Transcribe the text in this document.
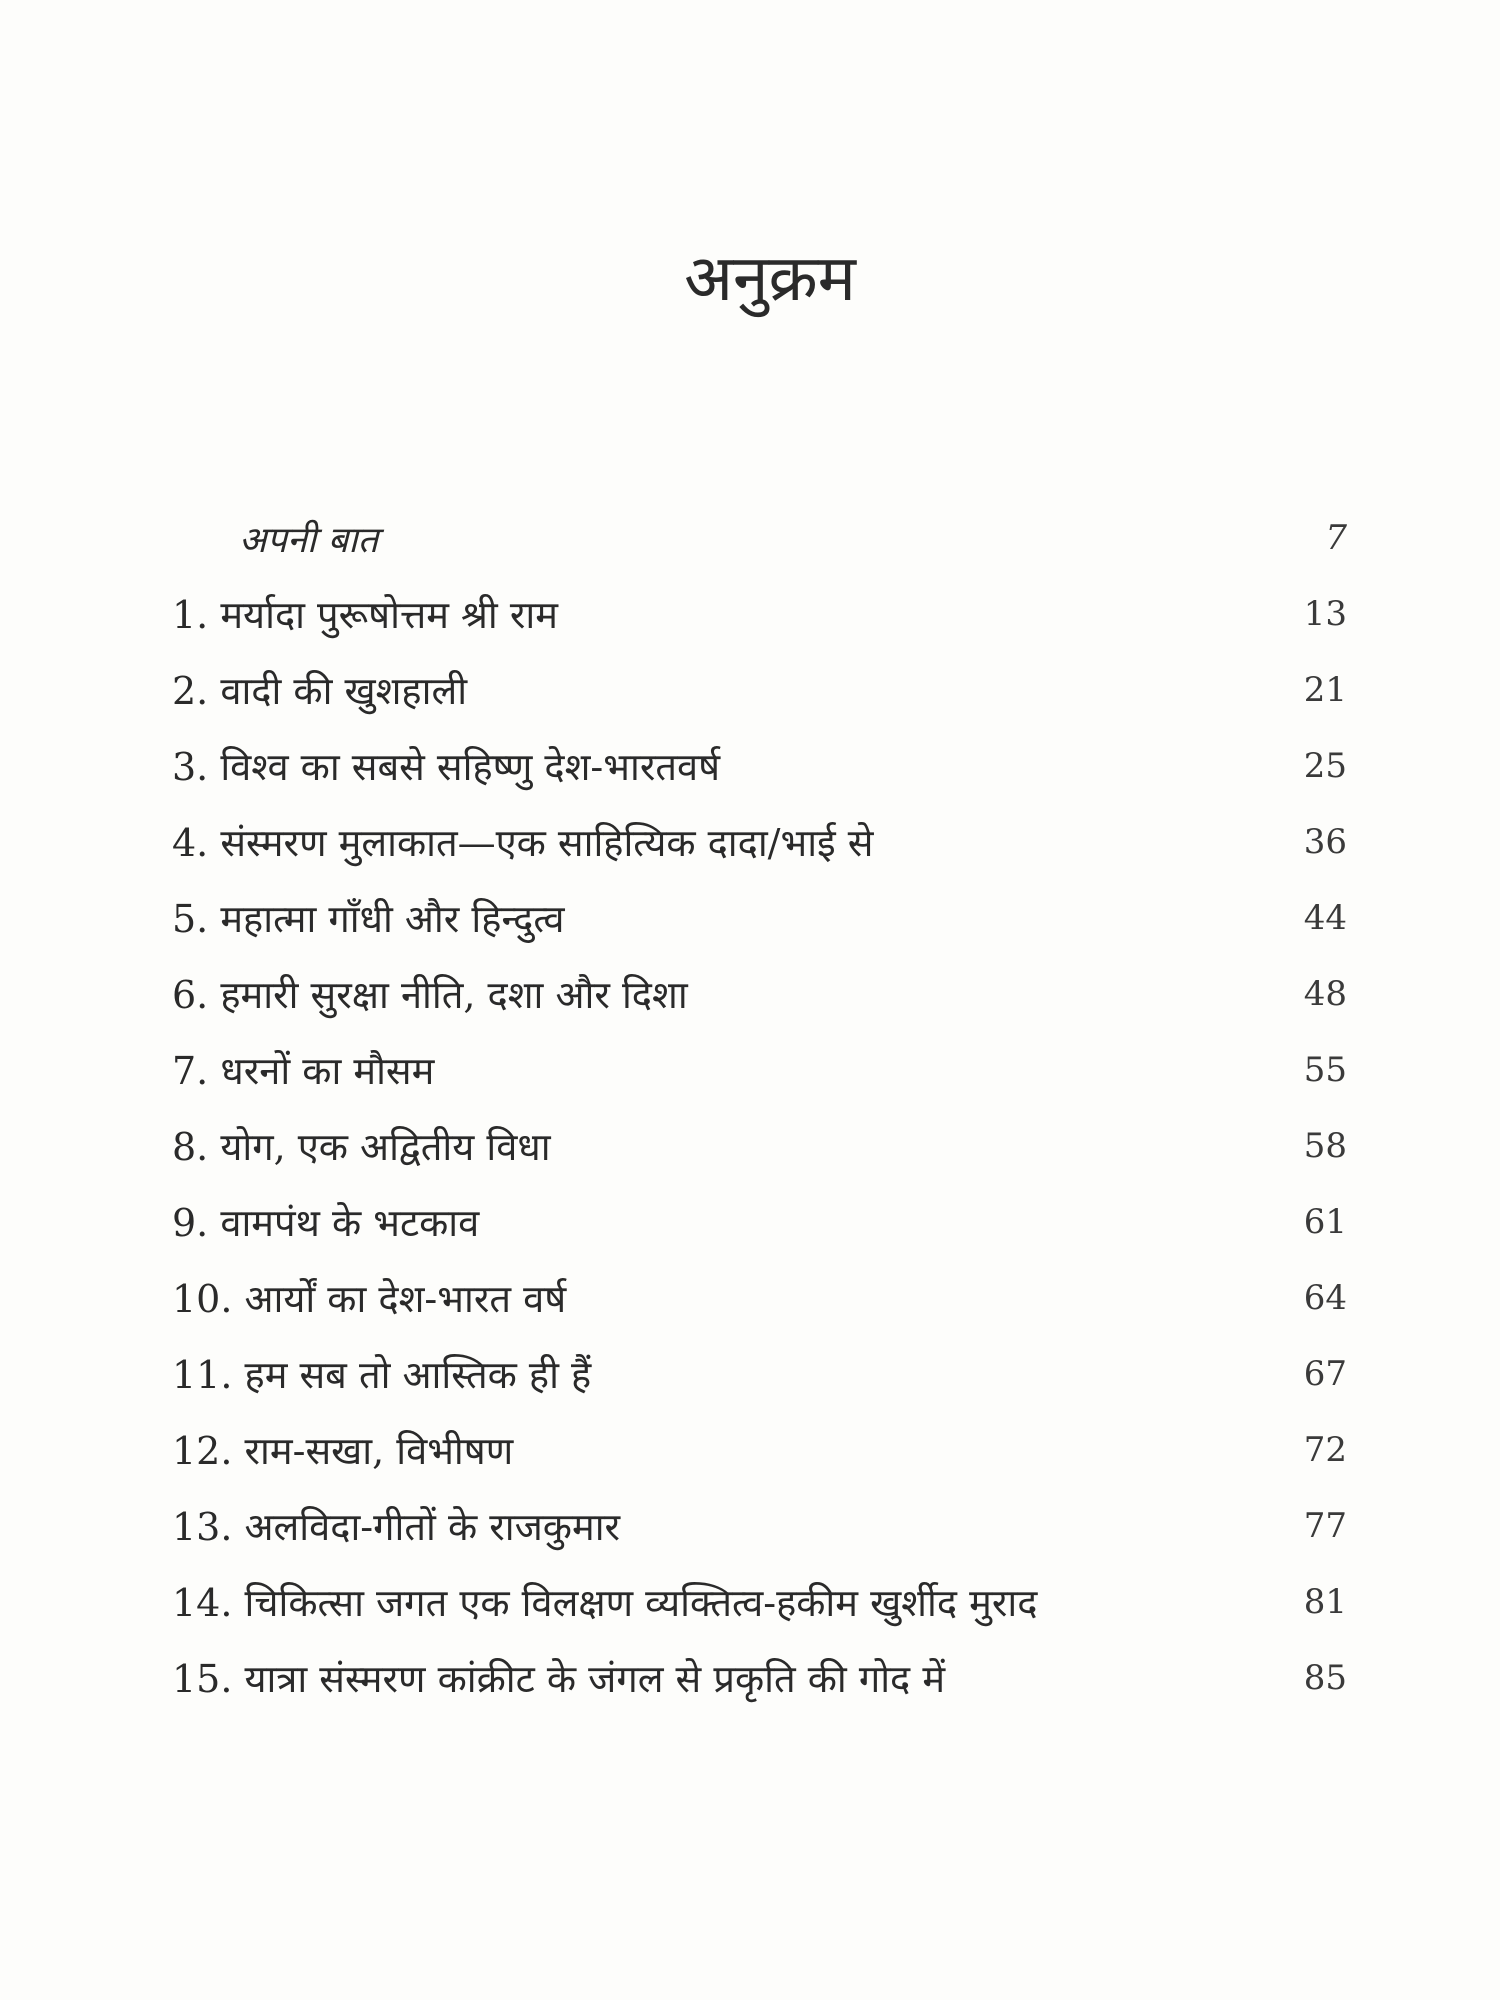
अनुक्रम
अपनी बात	7
1. मर्यादा पुरूषोत्तम श्री राम	13
2. वादी की खुशहाली	21
3. विश्व का सबसे सहिष्णु देश-भारतवर्ष	25
4. संस्मरण मुलाकात—एक साहित्यिक दादा/भाई से	36
5. महात्मा गाँधी और हिन्दुत्व	44
6. हमारी सुरक्षा नीति, दशा और दिशा	48
7. धरनों का मौसम	55
8. योग, एक अद्वितीय विधा	58
9. वामपंथ के भटकाव	61
10. आर्यों का देश-भारत वर्ष	64
11. हम सब तो आस्तिक ही हैं	67
12. राम-सखा, विभीषण	72
13. अलविदा-गीतों के राजकुमार	77
14. चिकित्सा जगत एक विलक्षण व्यक्तित्व-हकीम खुर्शीद मुराद	81
15. यात्रा संस्मरण कांक्रीट के जंगल से प्रकृति की गोद में	85
